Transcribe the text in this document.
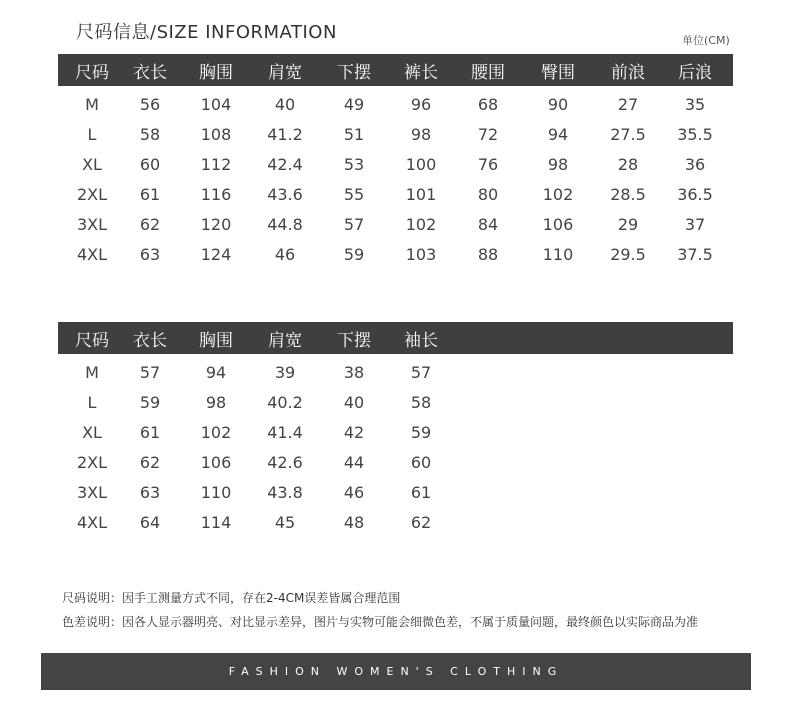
尺码信息/SIZE INFORMATION	单位(CM)
尺码 衣长 胸围 肩宽 下摆 裤长 腰围 臀围 前浪 后浪
M	56	104	40	49	96	68	90	27	35
L	58	108 41.2	51	98	72	94	27.5 35.5
XL 60	112 42.4	53	100	76	98	28	36
2XL 61	116 43.6	55	101	80	102 28.5 36.5
3XL 62	120 44.8	57	102	84	106	29	37
4XL 63	124	46	59	103	88	110 29.5 37.5
尺码 衣长 胸围 肩宽 下摆 袖长
M	57	94	39	38	57
L	59	98	40.2	40	58
XL 61	102 41.4	42	59
2XL 62	106 42.6	44	60
3XL 63	110 43.8	46	61
4XL 64	114	45	48	62
尺码说明：因手工测量方式不同，存在2-4CM误差皆属合理范围
色差说明：因各人显示器明亮、对比显示差异，图片与实物可能会细微色差，不属于质量问题，最终颜色以实际商品为准
FASHION WOMEN'S CLOTHING
